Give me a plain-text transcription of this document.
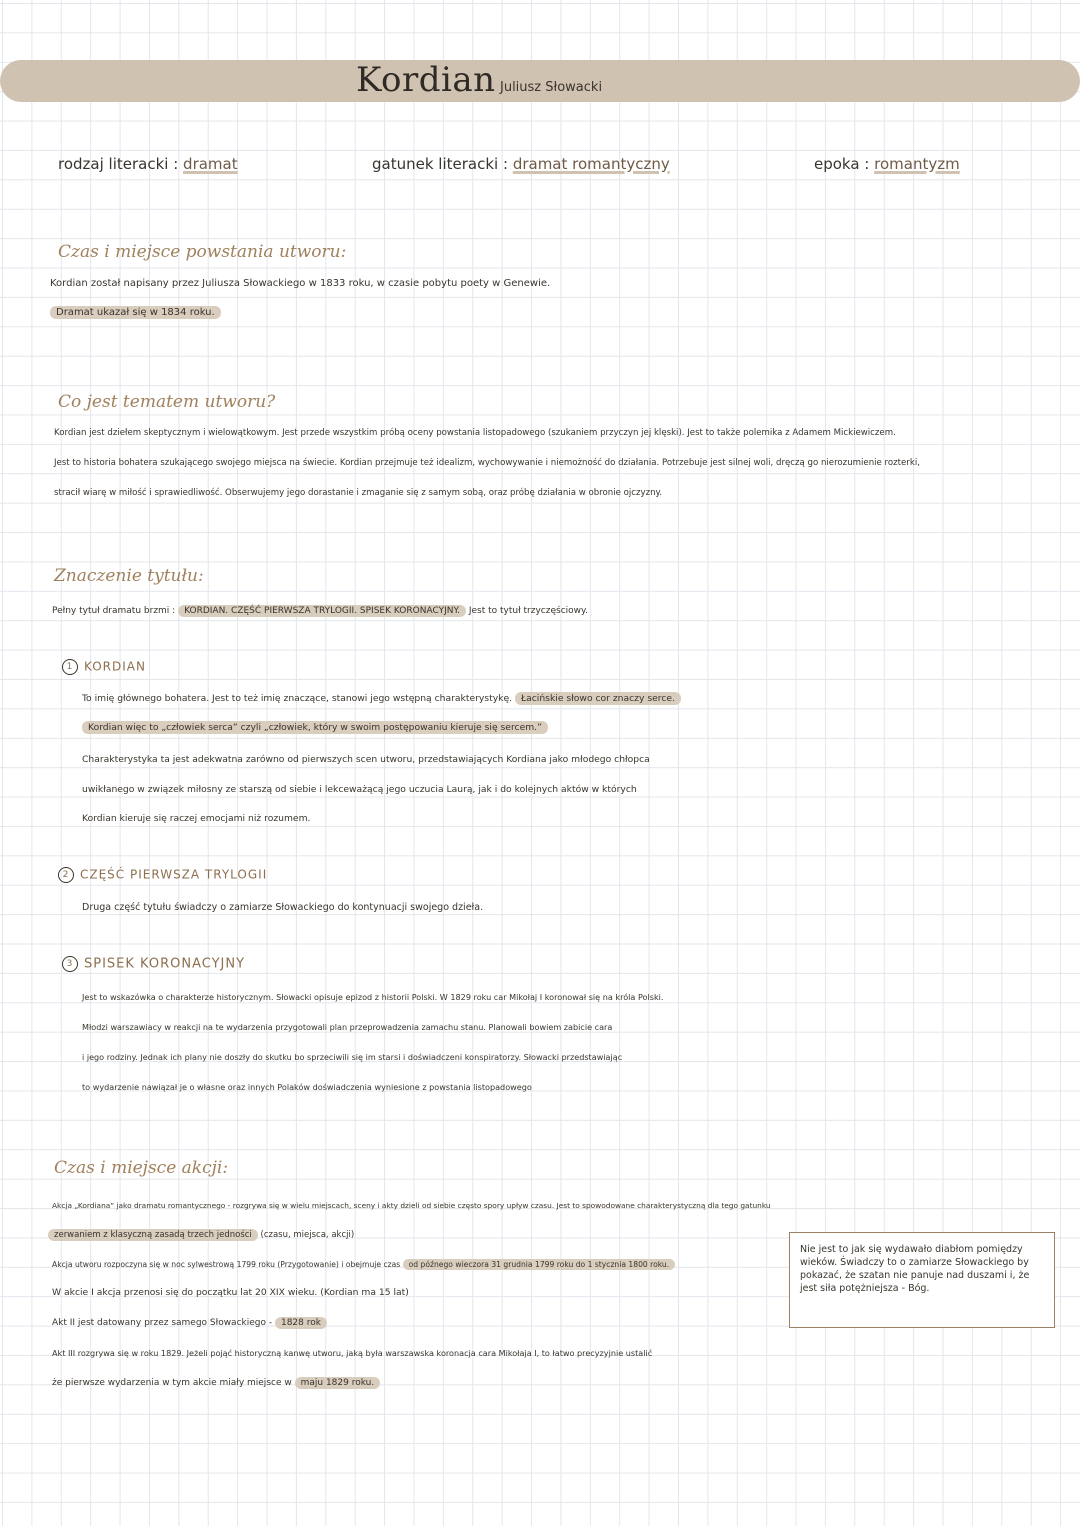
Kordian Juliusz Słowacki
rodzaj literacki : dramat	gatunek literacki : dramat romantyczny	epoka : romantyzm
Czas i miejsce powstania utworu:
Kordian został napisany przez Juliusza Słowackiego w 1833 roku, w czasie pobytu poety w Genewie.
Dramat ukazał się w 1834 roku.
Co jest tematem utworu?
Kordian jest dziełem skeptycznym i wielowątkowym. Jest przede wszystkim próbą oceny powstania listopadowego (szukaniem przyczyn jej klęski). Jest to także polemika z Adamem Mickiewiczem.
Jest to historia bohatera szukającego swojego miejsca na świecie. Kordian przejmuje też idealizm, wychowywanie i niemożność do działania. Potrzebuje jest silnej woli, dręczą go nierozumienie rozterki,
stracił wiarę w miłość i sprawiedliwość. Obserwujemy jego dorastanie i zmaganie się z samym sobą, oraz próbę działania w obronie ojczyzny.
Znaczenie tytułu:
Pełny tytuł dramatu brzmi : KORDIAN. CZĘŚĆ PIERWSZA TRYLOGII. SPISEK KORONACYJNY. Jest to tytuł trzyczęściowy.
1 KORDIAN
To imię głównego bohatera. Jest to też imię znaczące, stanowi jego wstępną charakterystykę. Łacińskie słowo cor znaczy serce.
Kordian więc to „człowiek serca” czyli „człowiek, który w swoim postępowaniu kieruje się sercem.”
Charakterystyka ta jest adekwatna zarówno od pierwszych scen utworu, przedstawiających Kordiana jako młodego chłopca
uwikłanego w związek miłosny ze starszą od siebie i lekceważącą jego uczucia Laurą, jak i do kolejnych aktów w których
Kordian kieruje się raczej emocjami niż rozumem.
2 CZĘŚĆ PIERWSZA TRYLOGII
Druga część tytułu świadczy o zamiarze Słowackiego do kontynuacji swojego dzieła.
3 SPISEK KORONACYJNY
Jest to wskazówka o charakterze historycznym. Słowacki opisuje epizod z historii Polski. W 1829 roku car Mikołaj I koronował się na króla Polski.
Młodzi warszawiacy w reakcji na te wydarzenia przygotowali plan przeprowadzenia zamachu stanu. Planowali bowiem zabicie cara
i jego rodziny. Jednak ich plany nie doszły do skutku bo sprzeciwili się im starsi i doświadczeni konspiratorzy. Słowacki przedstawiając
to wydarzenie nawiązał je o własne oraz innych Polaków doświadczenia wyniesione z powstania listopadowego
Czas i miejsce akcji:
Akcja „Kordiana” jako dramatu romantycznego - rozgrywa się w wielu miejscach, sceny i akty dzieli od siebie często spory upływ czasu. Jest to spowodowane charakterystyczną dla tego gatunku
zerwaniem z klasyczną zasadą trzech jedności (czasu, miejsca, akcji)
Akcja utworu rozpoczyna się w noc sylwestrową 1799 roku (Przygotowanie) i obejmuje czas od późnego wieczora 31 grudnia 1799 roku do 1 stycznia 1800 roku.
W akcie I akcja przenosi się do początku lat 20 XIX wieku. (Kordian ma 15 lat)
Akt II jest datowany przez samego Słowackiego - 1828 rok
Akt III rozgrywa się w roku 1829. Jeżeli pojąć historyczną kanwę utworu, jaką była warszawska koronacja cara Mikołaja I, to łatwo precyzyjnie ustalić
że pierwsze wydarzenia w tym akcie miały miejsce w maju 1829 roku.
Nie jest to jak się wydawało diabłom pomiędzy wieków. Świadczy to o zamiarze Słowackiego by pokazać, że szatan nie panuje nad duszami i, że jest siła potężniejsza - Bóg.
